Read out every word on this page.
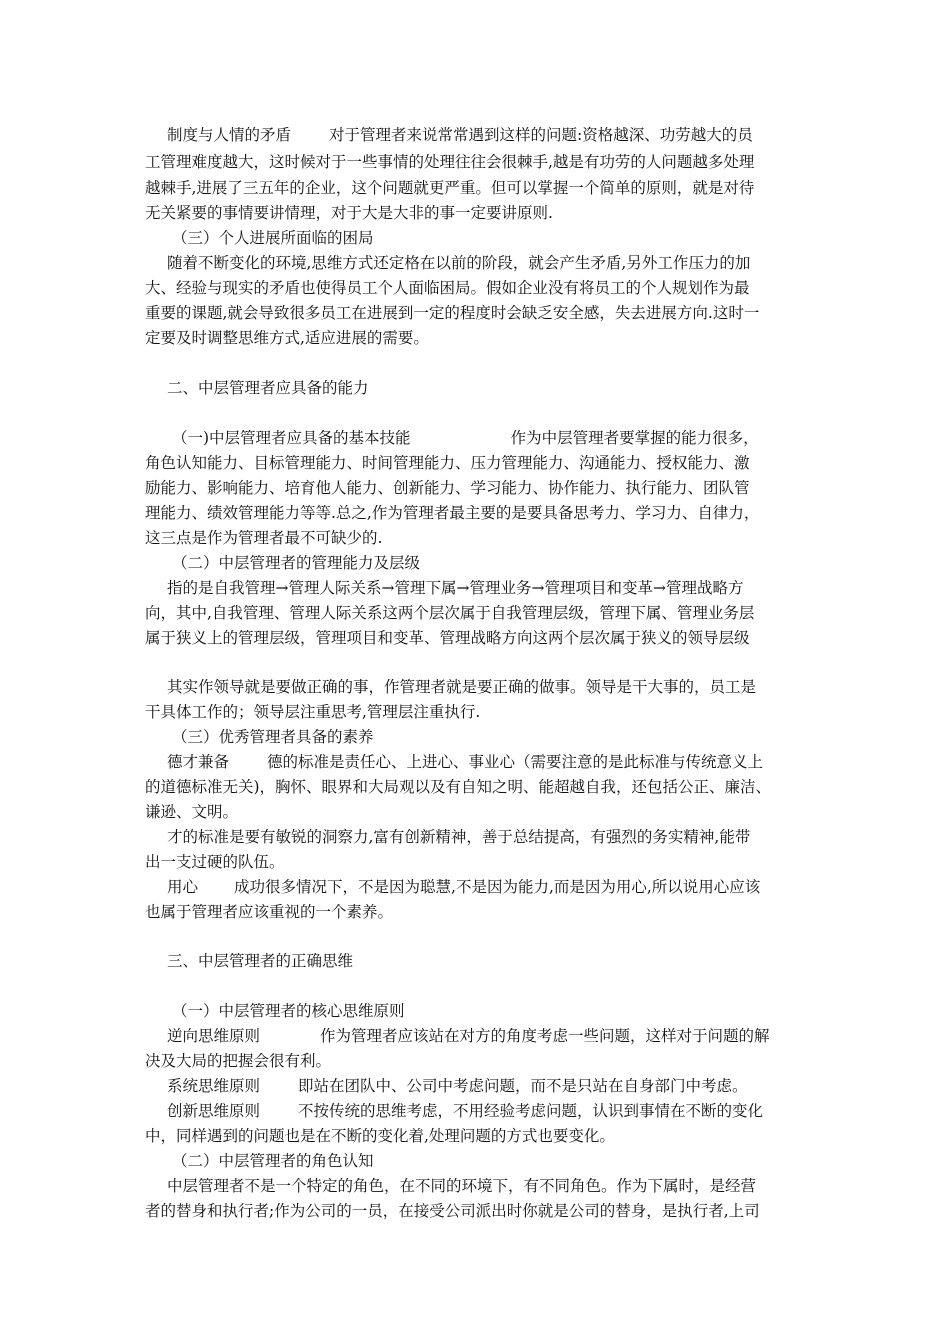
制度与人情的矛盾 对于管理者来说常常遇到这样的问题:资格越深、功劳越大的员
工管理难度越大，这时候对于一些事情的处理往往会很棘手,越是有功劳的人问题越多处理
越棘手,进展了三五年的企业，这个问题就更严重。但可以掌握一个简单的原则，就是对待
无关紧要的事情要讲情理，对于大是大非的事一定要讲原则.
（三）个人进展所面临的困局
随着不断变化的环境,思维方式还定格在以前的阶段，就会产生矛盾,另外工作压力的加
大、经验与现实的矛盾也使得员工个人面临困局。假如企业没有将员工的个人规划作为最
重要的课题,就会导致很多员工在进展到一定的程度时会缺乏安全感，失去进展方向.这时一
定要及时调整思维方式,适应进展的需要。
二、中层管理者应具备的能力
（一)中层管理者应具备的基本技能	作为中层管理者要掌握的能力很多，
角色认知能力、目标管理能力、时间管理能力、压力管理能力、沟通能力、授权能力、激
励能力、影响能力、培育他人能力、创新能力、学习能力、协作能力、执行能力、团队管
理能力、绩效管理能力等等.总之,作为管理者最主要的是要具备思考力、学习力、自律力，
这三点是作为管理者最不可缺少的.
（二）中层管理者的管理能力及层级
指的是自我管理→管理人际关系→管理下属→管理业务→管理项目和变革→管理战略方
向，其中,自我管理、管理人际关系这两个层次属于自我管理层级，管理下属、管理业务层
属于狭义上的管理层级，管理项目和变革、管理战略方向这两个层次属于狭义的领导层级
其实作领导就是要做正确的事，作管理者就是要正确的做事。领导是干大事的，员工是
干具体工作的；领导层注重思考,管理层注重执行.
（三）优秀管理者具备的素养
德才兼备 德的标准是责任心、上进心、事业心（需要注意的是此标准与传统意义上
的道德标准无关)，胸怀、眼界和大局观以及有自知之明、能超越自我，还包括公正、廉洁、
谦逊、文明。
才的标准是要有敏锐的洞察力,富有创新精神，善于总结提高，有强烈的务实精神,能带
出一支过硬的队伍。
用心 成功很多情况下，不是因为聪慧,不是因为能力,而是因为用心,所以说用心应该
也属于管理者应该重视的一个素养。
三、中层管理者的正确思维
（一）中层管理者的核心思维原则
逆向思维原则	作为管理者应该站在对方的角度考虑一些问题，这样对于问题的解
决及大局的把握会很有利。
系统思维原则 即站在团队中、公司中考虑问题，而不是只站在自身部门中考虑。
创新思维原则 不按传统的思维考虑，不用经验考虑问题，认识到事情在不断的变化
中，同样遇到的问题也是在不断的变化着,处理问题的方式也要变化。
（二）中层管理者的角色认知
中层管理者不是一个特定的角色，在不同的环境下，有不同角色。作为下属时，是经营
者的替身和执行者;作为公司的一员，在接受公司派出时你就是公司的替身，是执行者,上司
